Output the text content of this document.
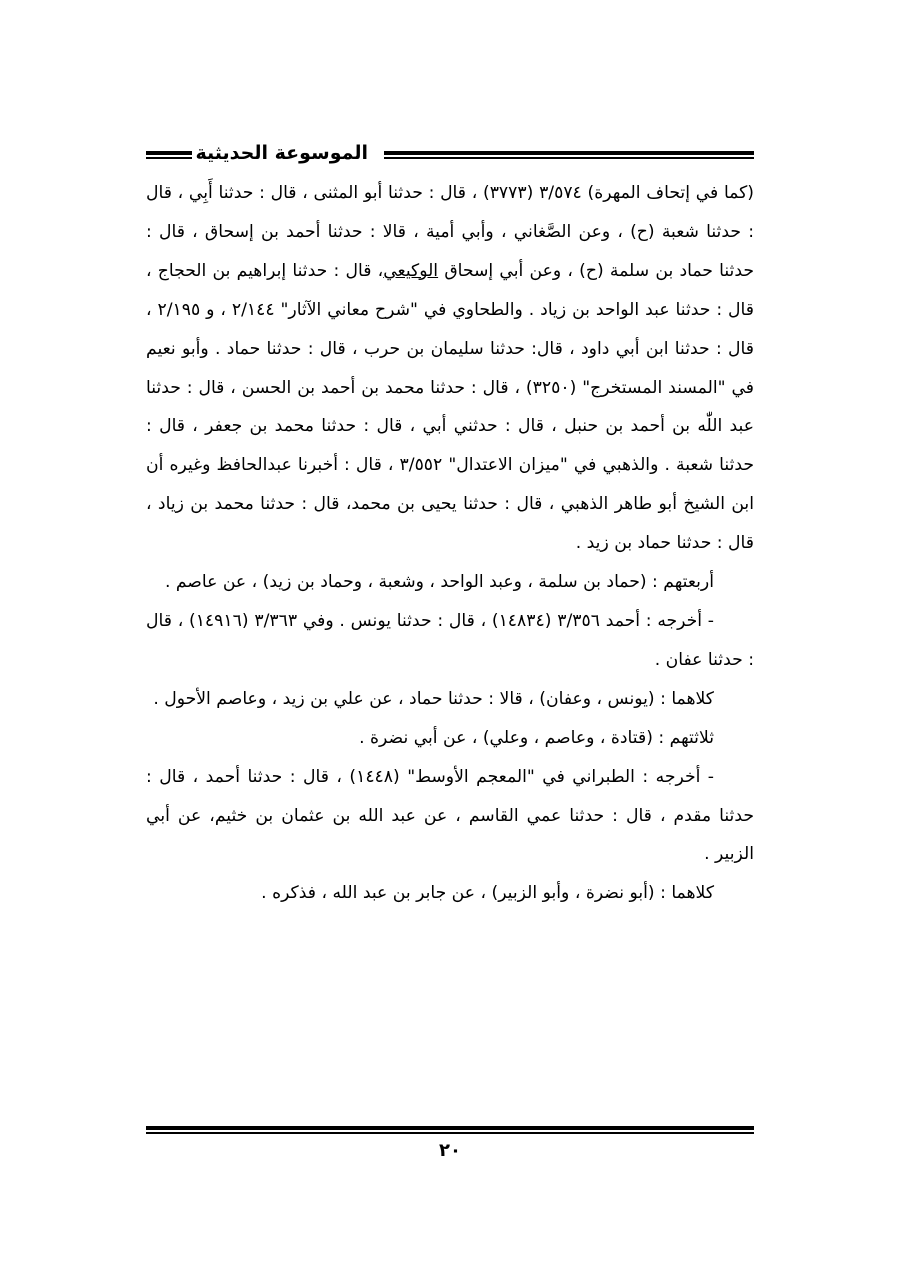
الموسوعة الحديثية

(كما في إتحاف المهرة) ٣/٥٧٤ (٣٧٧٣) ، قال : حدثنا أبو المثنى ، قال : حدثنا أَبِي ، قال : حدثنا شعبة (ح) ، وعن الصَّغاني ، وأبي أمية ، قالا : حدثنا أحمد بن إسحاق ، قال : حدثنا حماد بن سلمة (ح) ، وعن أبي إسحاق الوكيعي، قال : حدثنا إبراهيم بن الحجاج ، قال : حدثنا عبد الواحد بن زياد . والطحاوي في "شرح معاني الآثار" ٢/١٤٤ ، و ٢/١٩٥ ، قال : حدثنا ابن أبي داود ، قال: حدثنا سليمان بن حرب ، قال : حدثنا حماد . وأبو نعيم في "المسند المستخرج" (٣٢٥٠) ، قال : حدثنا محمد بن أحمد بن الحسن ، قال : حدثنا عبد اللّٰه بن أحمد بن حنبل ، قال : حدثني أبي ، قال : حدثنا محمد بن جعفر ، قال : حدثنا شعبة . والذهبي في "ميزان الاعتدال" ٣/٥٥٢ ، قال : أخبرنا عبدالحافظ وغيره أن ابن الشيخ أبو طاهر الذهبي ، قال : حدثنا يحيى بن محمد، قال : حدثنا محمد بن زياد ، قال : حدثنا حماد بن زيد .

أربعتهم : (حماد بن سلمة ، وعبد الواحد ، وشعبة ، وحماد بن زيد) ، عن عاصم .

- أخرجه : أحمد ٣/٣٥٦ (١٤٨٣٤) ، قال : حدثنا يونس . وفي ٣/٣٦٣ (١٤٩١٦) ، قال : حدثنا عفان .

كلاهما : (يونس ، وعفان) ، قالا : حدثنا حماد ، عن علي بن زيد ، وعاصم الأحول .

ثلاثتهم : (قتادة ، وعاصم ، وعلي) ، عن أبي نضرة .

- أخرجه : الطبراني في "المعجم الأوسط" (١٤٤٨) ، قال : حدثنا أحمد ، قال : حدثنا مقدم ، قال : حدثنا عمي القاسم ، عن عبد الله بن عثمان بن خثيم، عن أبي الزبير .

كلاهما : (أبو نضرة ، وأبو الزبير) ، عن جابر بن عبد الله ، فذكره .

٢٠
